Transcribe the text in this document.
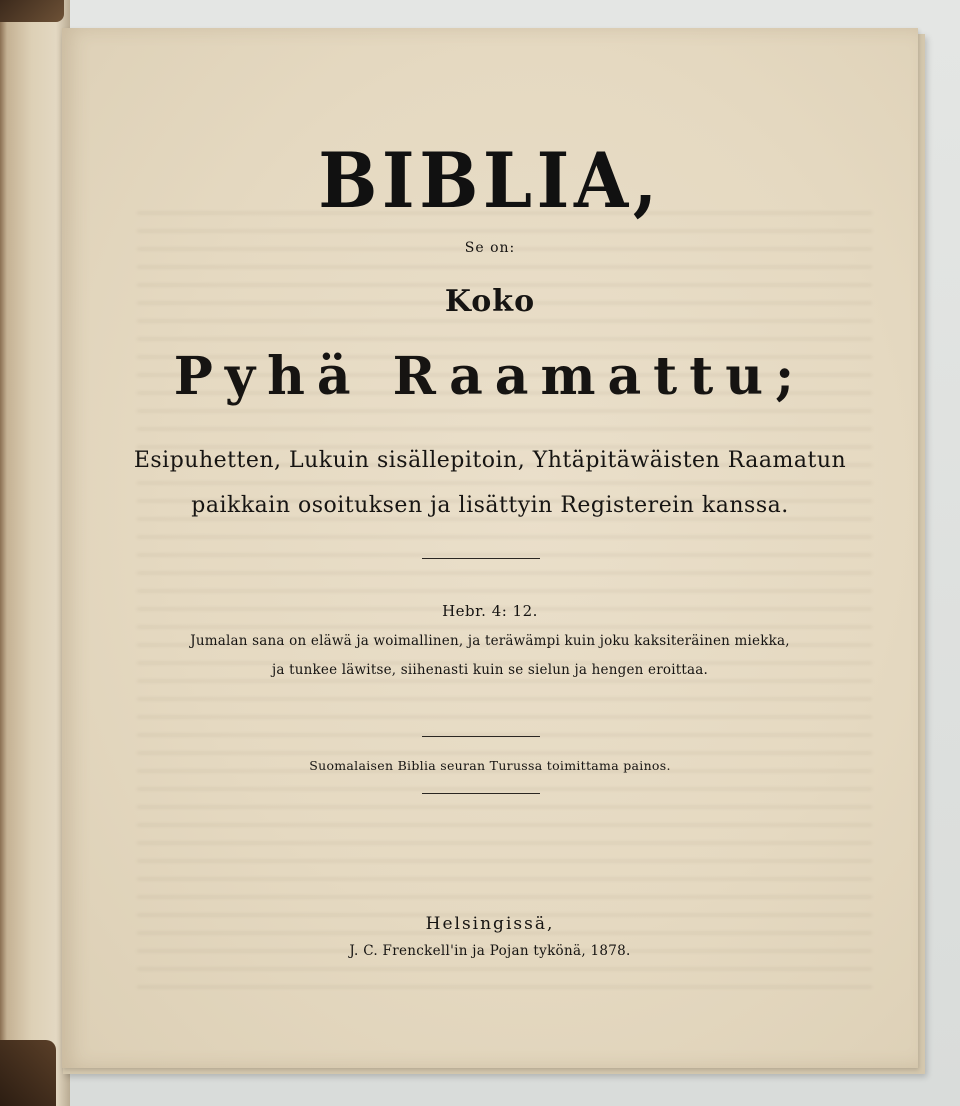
BIBLIA,
Se on:
Koko
Pyhä Raamattu;
Esipuhetten, Lukuin sisällepitoin, Yhtäpitäwäisten Raamatun
paikkain osoituksen ja lisättyin Registerein kanssa.
Hebr. 4: 12.
Jumalan sana on eläwä ja woimallinen, ja teräwämpi kuin joku kaksiteräinen miekka,
ja tunkee läwitse, siihenasti kuin se sielun ja hengen eroittaa.
Suomalaisen Biblia seuran Turussa toimittama painos.
Helsingissä,
J. C. Frenckell'in ja Pojan tykönä, 1878.
